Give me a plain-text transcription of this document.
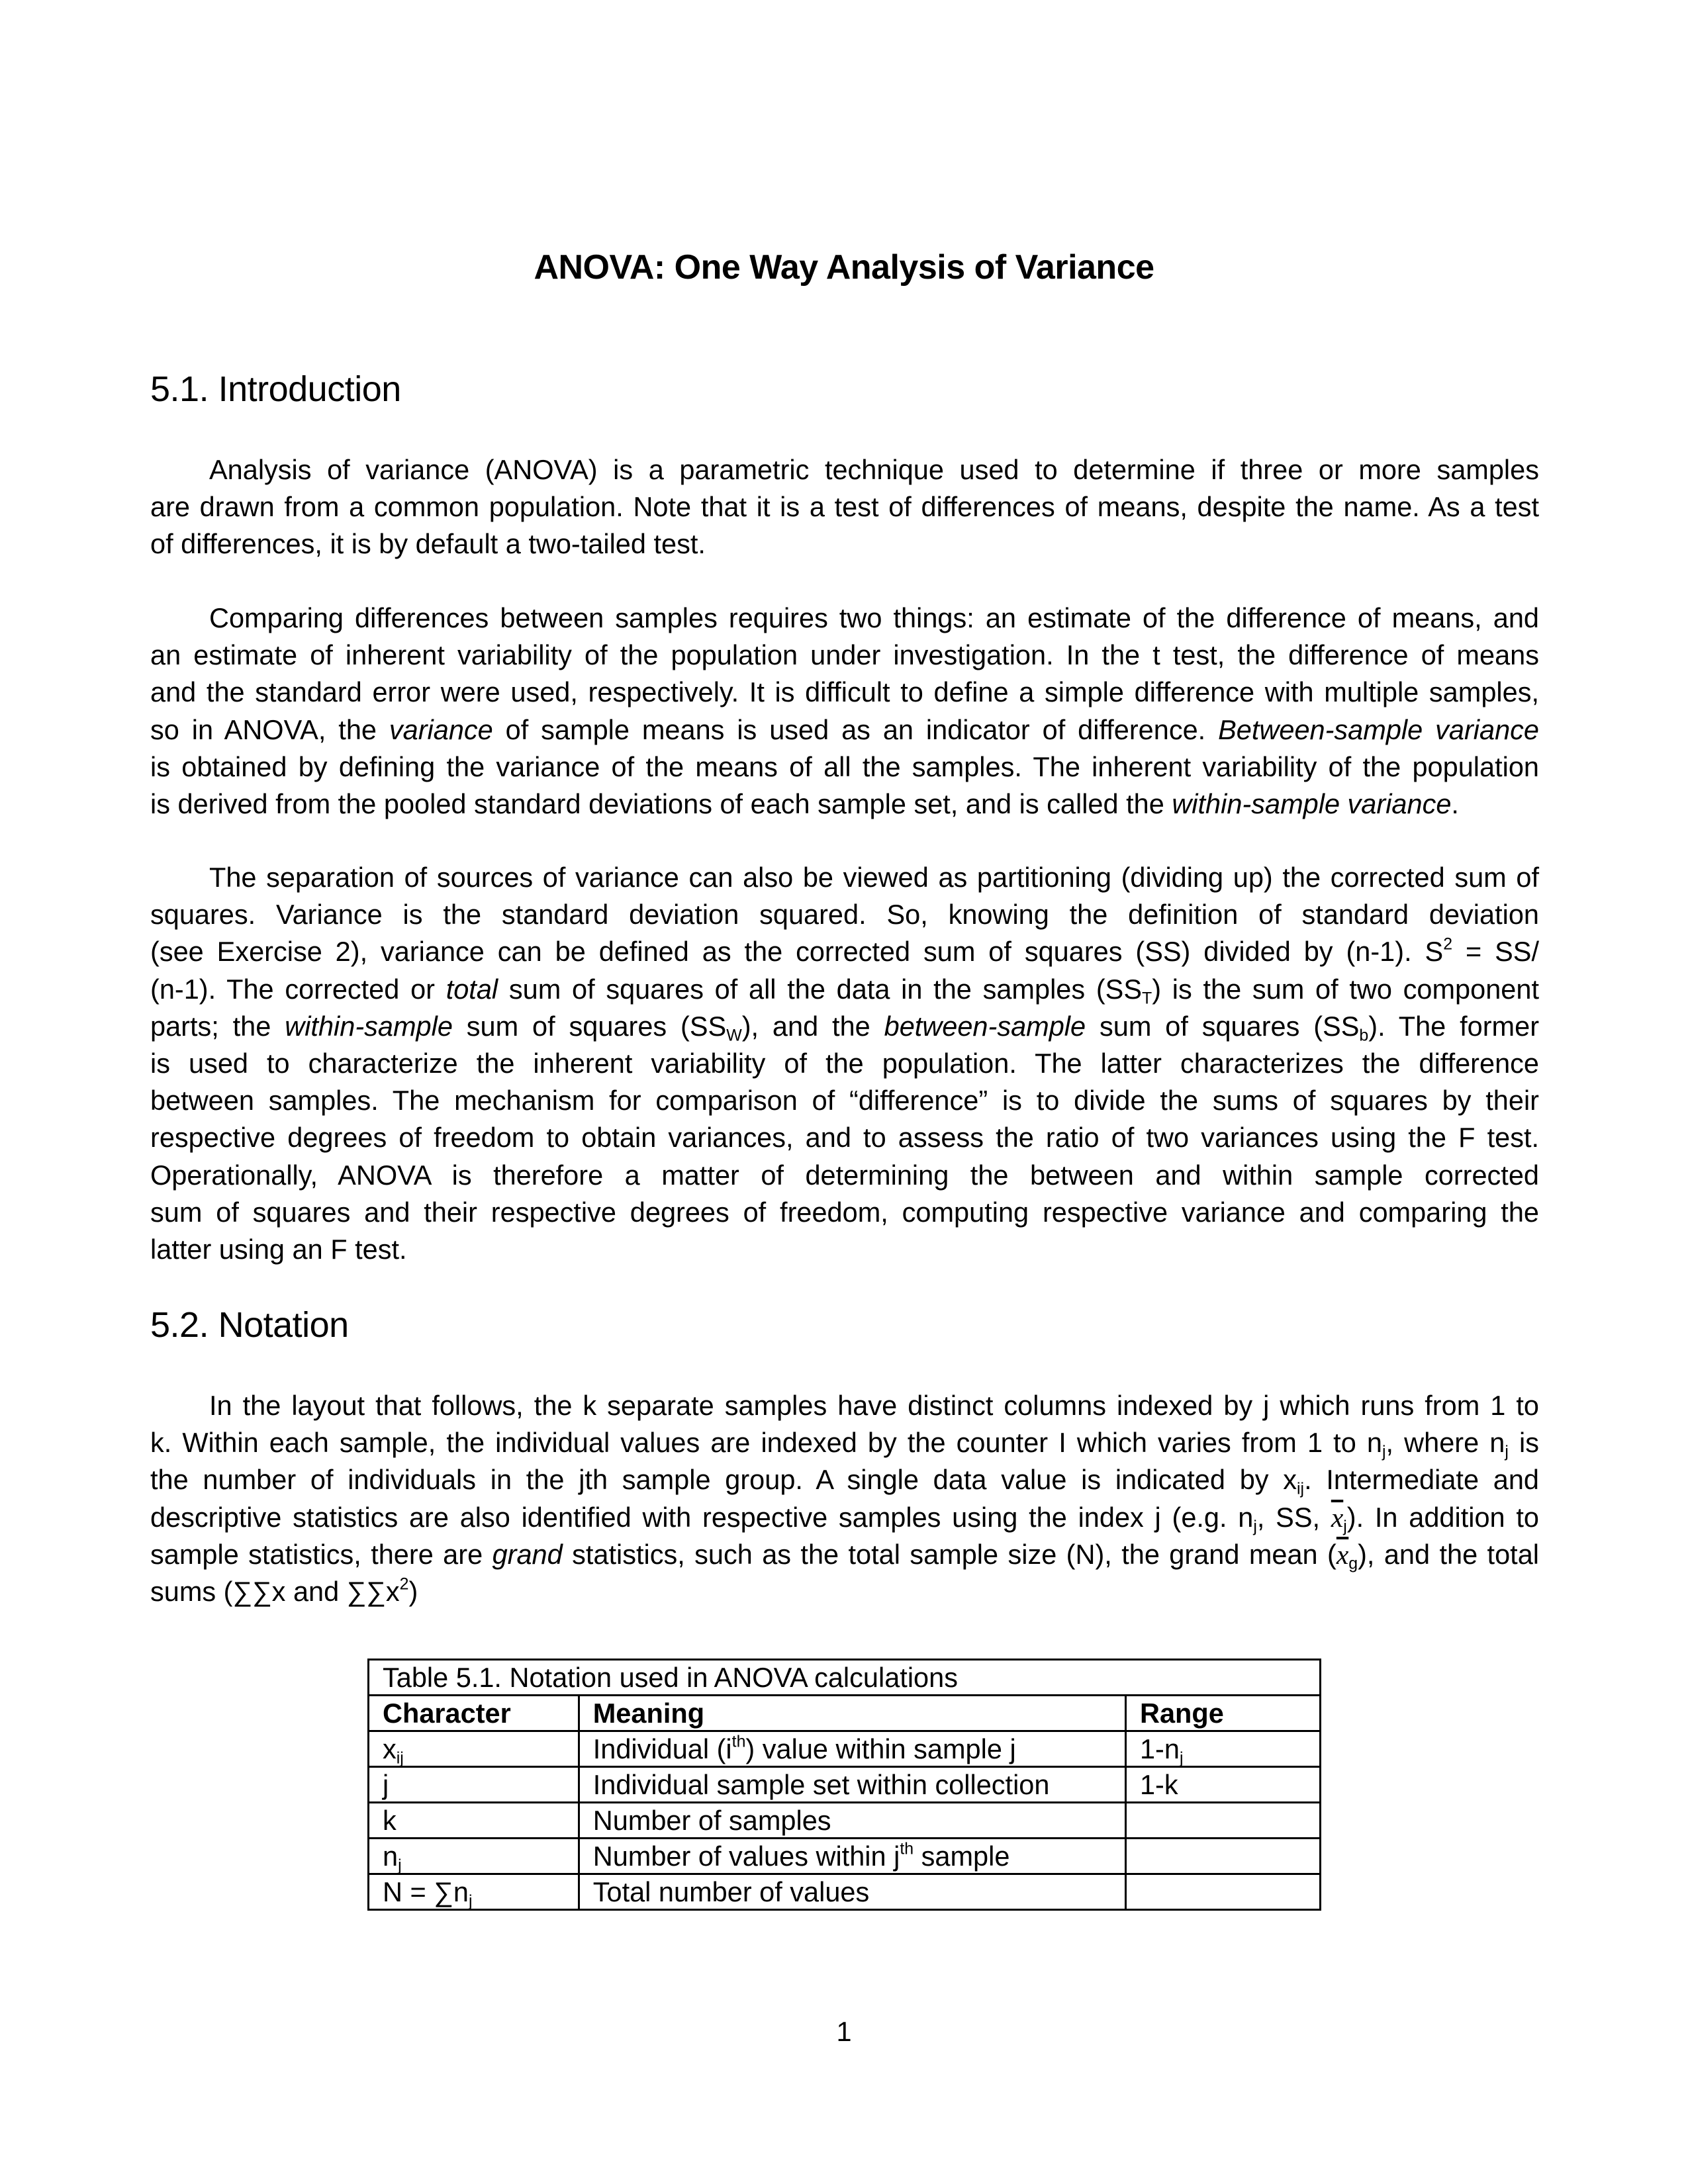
ANOVA: One Way Analysis of Variance
5.1. Introduction
Analysis of variance (ANOVA) is a parametric technique used to determine if three or more samples
are drawn from a common population. Note that it is a test of differences of means, despite the name. As a test
of differences, it is by default a two-tailed test.
Comparing differences between samples requires two things: an estimate of the difference of means, and
an estimate of inherent variability of the population under investigation. In the t test, the difference of means
and the standard error were used, respectively. It is difficult to define a simple difference with multiple samples,
so in ANOVA, the variance of sample means is used as an indicator of difference. Between-sample variance
is obtained by defining the variance of the means of all the samples. The inherent variability of the population
is derived from the pooled standard deviations of each sample set, and is called the within-sample variance.
The separation of sources of variance can also be viewed as partitioning (dividing up) the corrected sum of
squares. Variance is the standard deviation squared. So, knowing the definition of standard deviation
(see Exercise 2), variance can be defined as the corrected sum of squares (SS) divided by (n-1). $S^2 = SS/$
(n-1). The corrected or total sum of squares of all the data in the samples $(SS_T)$ is the sum of two component
parts; the within-sample sum of squares $(SS_W)$, and the between-sample sum of squares $(SS_b)$. The former
is used to characterize the inherent variability of the population. The latter characterizes the difference
between samples. The mechanism for comparison of “difference” is to divide the sums of squares by their
respective degrees of freedom to obtain variances, and to assess the ratio of two variances using the F test.
Operationally, ANOVA is therefore a matter of determining the between and within sample corrected
sum of squares and their respective degrees of freedom, computing respective variance and comparing the
latter using an F test.
5.2. Notation
In the layout that follows, the k separate samples have distinct columns indexed by j which runs from 1 to
k. Within each sample, the individual values are indexed by the counter I which varies from 1 to $n_j$, where $n_j$ is
the number of individuals in the jth sample group. A single data value is indicated by $x_{ij}$. Intermediate and
descriptive statistics are also identified with respective samples using the index j (e.g. $n_j$, SS, $\overline{x}_j$). In addition to
sample statistics, there are grand statistics, such as the total sample size (N), the grand mean $(\overline{x}_g)$, and the total
sums (∑∑x and $\sum\sum x^2$)
Table 5.1. Notation used in ANOVA calculations		
Character	Meaning	Range
$x_{ij}$	Individual $(i^{th})$ value within sample j	$1-n_j$
j	Individual sample set within collection	1-k
k	Number of samples	
$n_j$	Number of values within $j^{th}$ sample	
$N = \sum n_j$	Total number of values	
1
